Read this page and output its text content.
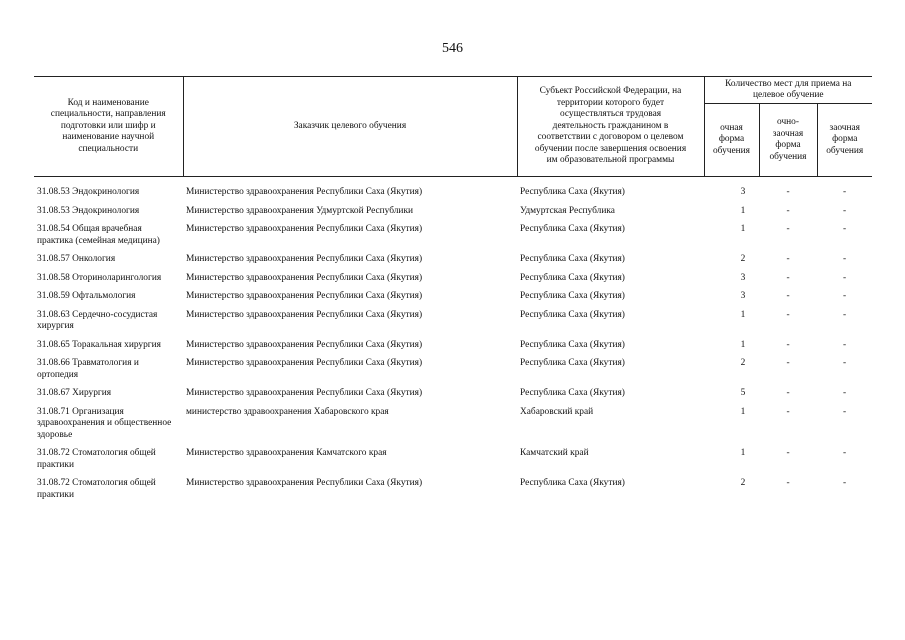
546
Код и наименование специальности, направления подготовки или шифр и наименование научной специальности	Заказчик целевого обучения	Субъект Российской Федерации, на территории которого будет осуществляться трудовая деятельность гражданином в соответствии с договором о целевом обучении после завершения освоения им образовательной программы	Количество мест для приема на целевое обучение		
			очная форма обучения	очно-заочная форма обучения	заочная форма обучения

31.08.53 Эндокринология	Министерство здравоохранения Республики Саха (Якутия)	Республика Саха (Якутия)	3	-	-
31.08.53 Эндокринология	Министерство здравоохранения Удмуртской Республики	Удмуртская Республика	1	-	-
31.08.54 Общая врачебная практика (семейная медицина)	Министерство здравоохранения Республики Саха (Якутия)	Республика Саха (Якутия)	1	-	-
31.08.57 Онкология	Министерство здравоохранения Республики Саха (Якутия)	Республика Саха (Якутия)	2	-	-
31.08.58 Оториноларингология	Министерство здравоохранения Республики Саха (Якутия)	Республика Саха (Якутия)	3	-	-
31.08.59 Офтальмология	Министерство здравоохранения Республики Саха (Якутия)	Республика Саха (Якутия)	3	-	-
31.08.63 Сердечно-сосудистая хирургия	Министерство здравоохранения Республики Саха (Якутия)	Республика Саха (Якутия)	1	-	-
31.08.65 Торакальная хирургия	Министерство здравоохранения Республики Саха (Якутия)	Республика Саха (Якутия)	1	-	-
31.08.66 Травматология и ортопедия	Министерство здравоохранения Республики Саха (Якутия)	Республика Саха (Якутия)	2	-	-
31.08.67 Хирургия	Министерство здравоохранения Республики Саха (Якутия)	Республика Саха (Якутия)	5	-	-
31.08.71 Организация здравоохранения и общественное здоровье	министерство здравоохранения Хабаровского края	Хабаровский край	1	-	-
31.08.72 Стоматология общей практики	Министерство здравоохранения Камчатского края	Камчатский край	1	-	-
31.08.72 Стоматология общей практики	Министерство здравоохранения Республики Саха (Якутия)	Республика Саха (Якутия)	2	-	-
